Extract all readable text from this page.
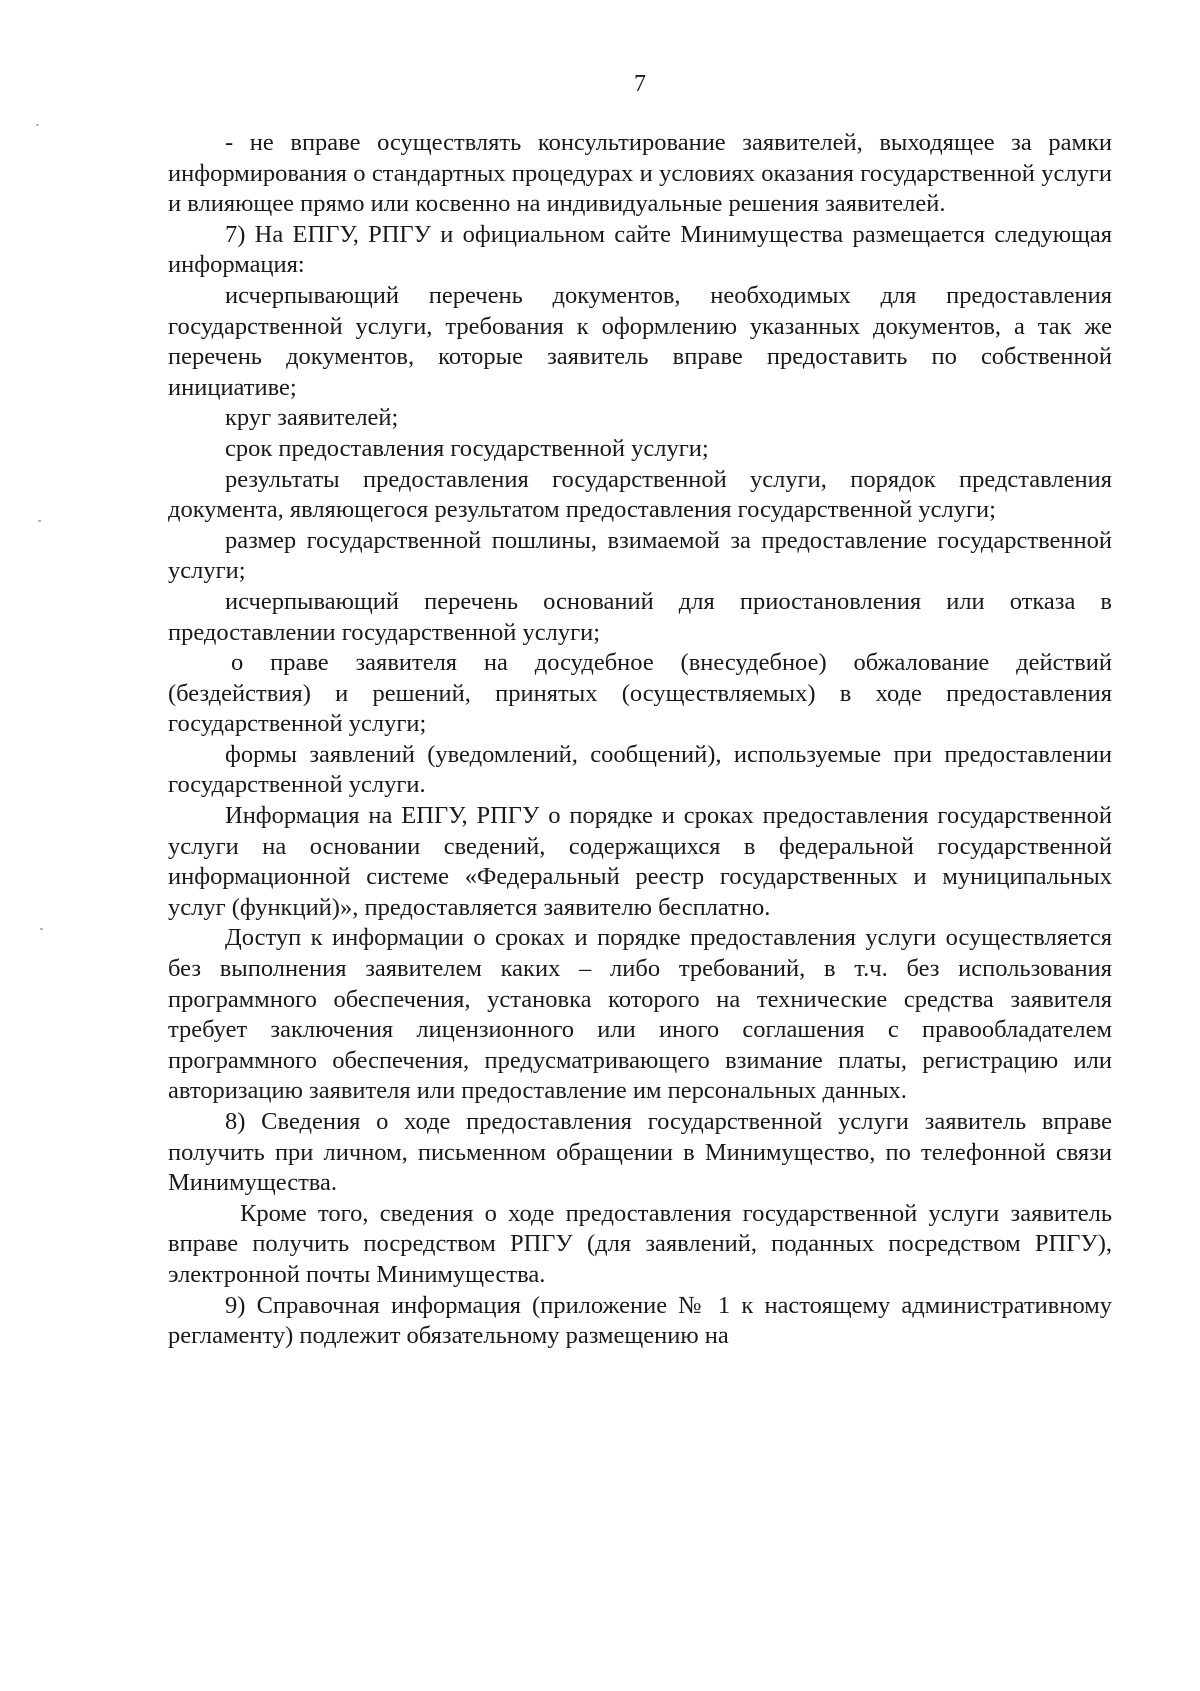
7

- не вправе осуществлять консультирование заявителей, выходящее за рамки информирования о стандартных процедурах и условиях оказания государственной услуги и влияющее прямо или косвенно на индивидуальные решения заявителей.

7) На ЕПГУ, РПГУ и официальном сайте Минимущества размещается следующая информация:

исчерпывающий перечень документов, необходимых для предоставления государственной услуги, требования к оформлению указанных документов, а так же перечень документов, которые заявитель вправе предоставить по собственной инициативе;

круг заявителей;

срок предоставления государственной услуги;

результаты предоставления государственной услуги, порядок представления документа, являющегося результатом предоставления государственной услуги;

размер государственной пошлины, взимаемой за предоставление государственной услуги;

исчерпывающий перечень оснований для приостановления или отказа в предоставлении государственной услуги;

о праве заявителя на досудебное (внесудебное) обжалование действий (бездействия) и решений, принятых (осуществляемых) в ходе предоставления государственной услуги;

формы заявлений (уведомлений, сообщений), используемые при предоставлении государственной услуги.

Информация на ЕПГУ, РПГУ о порядке и сроках предоставления государственной услуги на основании сведений, содержащихся в федеральной государственной информационной системе «Федеральный реестр государственных и муниципальных услуг (функций)», предоставляется заявителю бесплатно.

Доступ к информации о сроках и порядке предоставления услуги осуществляется без выполнения заявителем каких – либо требований, в т.ч. без использования программного обеспечения, установка которого на технические средства заявителя требует заключения лицензионного или иного соглашения с правообладателем программного обеспечения, предусматривающего взимание платы, регистрацию или авторизацию заявителя или предоставление им персональных данных.

8) Сведения о ходе предоставления государственной услуги заявитель вправе получить при личном, письменном обращении в Минимущество, по телефонной связи Минимущества.

Кроме того, сведения о ходе предоставления государственной услуги заявитель вправе получить посредством РПГУ (для заявлений, поданных посредством РПГУ), электронной почты Минимущества.

9) Справочная информация (приложение № 1 к настоящему административному регламенту) подлежит обязательному размещению на
